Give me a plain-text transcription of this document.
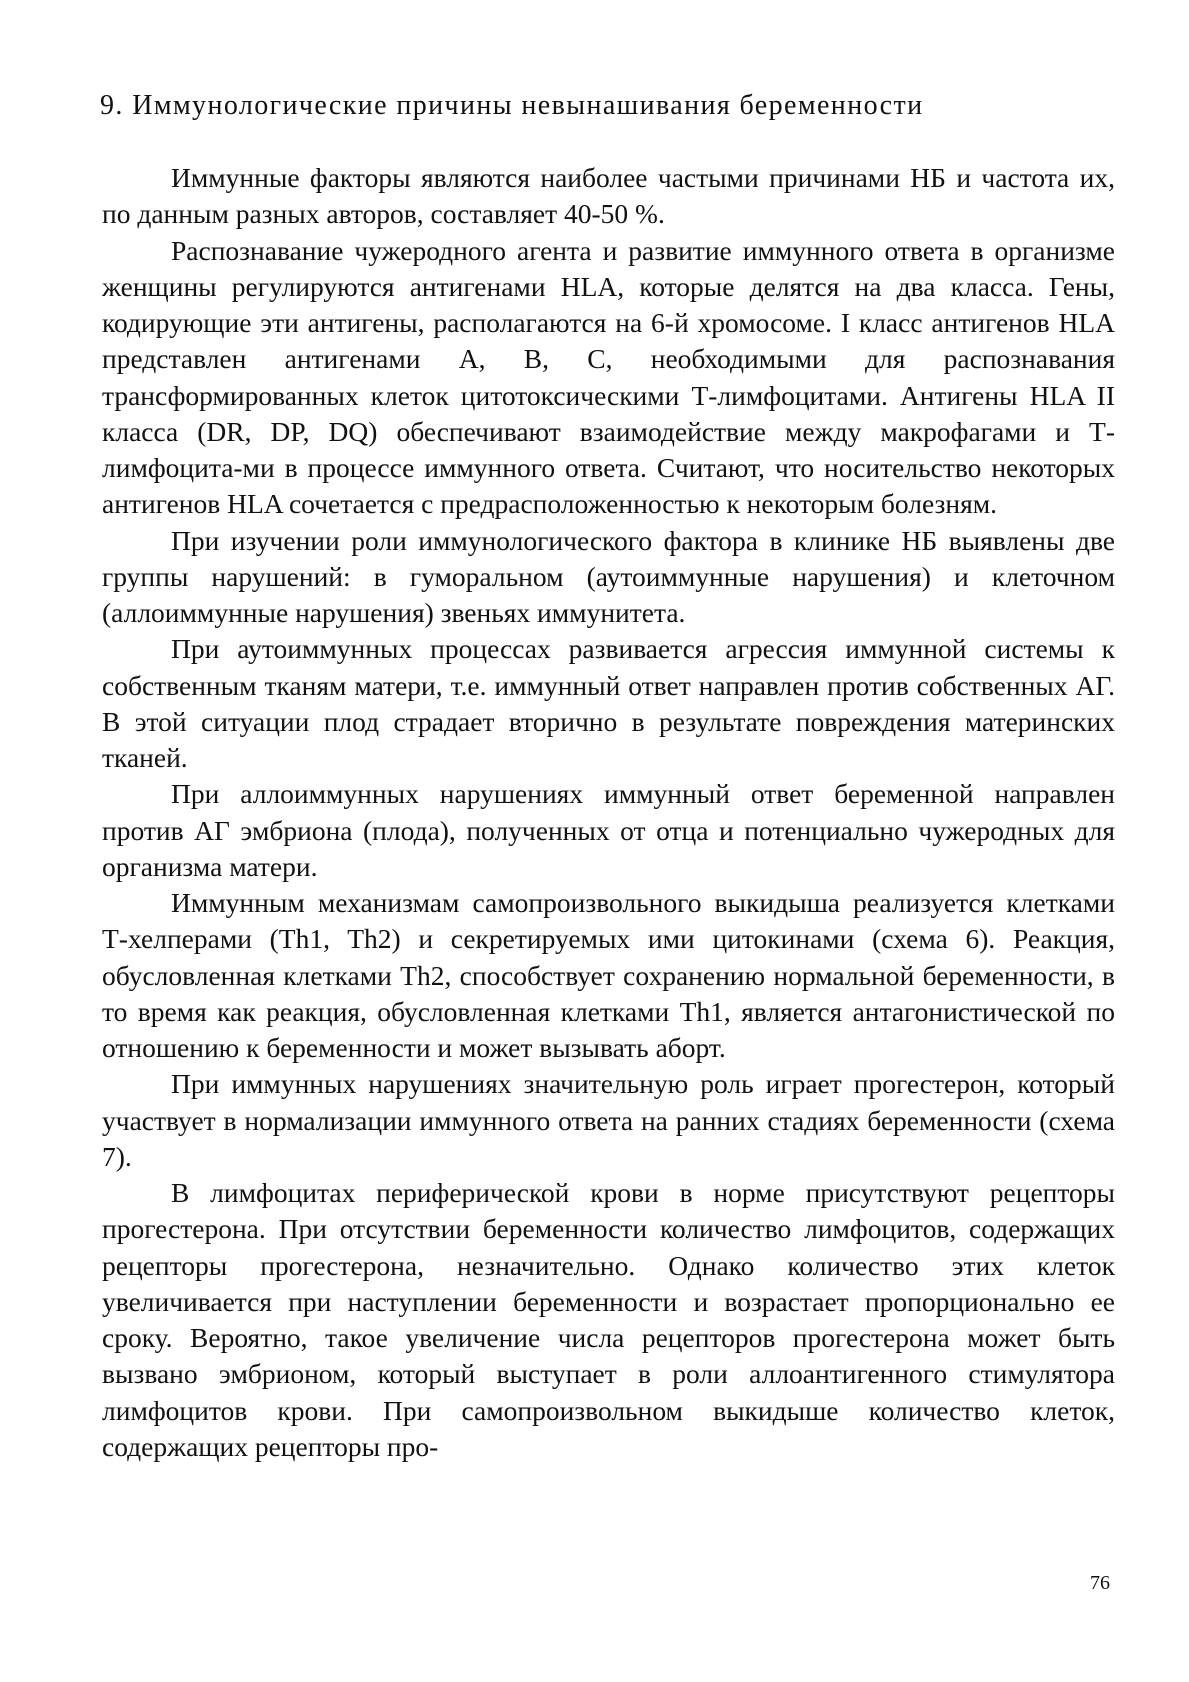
9. Иммунологические причины невынашивания беременности

Иммунные факторы являются наиболее частыми причинами НБ и частота их, по данным разных авторов, составляет 40-50 %.

Распознавание чужеродного агента и развитие иммунного ответа в организме женщины регулируются антигенами HLA, которые делятся на два класса. Гены, кодирующие эти антигены, располагаются на 6-й хромосоме. I класс антигенов HLA представлен антигенами A, B, C, необходимыми для распознавания трансформированных клеток цитотоксическими Т-лимфоцитами. Антигены HLA II класса (DR, DP, DQ) обеспечивают взаимодействие между макрофагами и Т-лимфоцита-ми в процессе иммунного ответа. Считают, что носительство некоторых антигенов HLA сочетается с предрасположенностью к некоторым болезням.

При изучении роли иммунологического фактора в клинике НБ выявлены две группы нарушений: в гуморальном (аутоиммунные нарушения) и клеточном (аллоиммунные нарушения) звеньях иммунитета.

При аутоиммунных процессах развивается агрессия иммунной системы к собственным тканям матери, т.е. иммунный ответ направлен против собственных АГ. В этой ситуации плод страдает вторично в результате повреждения материнских тканей.

При аллоиммунных нарушениях иммунный ответ беременной направлен против АГ эмбриона (плода), полученных от отца и потенциально чужеродных для организма матери.

Иммунным механизмам самопроизвольного выкидыша реализуется клетками Т-хелперами (Th1, Th2) и секретируемых ими цитокинами (схема 6). Реакция, обусловленная клетками Th2, способствует сохранению нормальной беременности, в то время как реакция, обусловленная клетками Th1, является антагонистической по отношению к беременности и может вызывать аборт.

При иммунных нарушениях значительную роль играет прогестерон, который участвует в нормализации иммунного ответа на ранних стадиях беременности (схема 7).

В лимфоцитах периферической крови в норме присутствуют рецепторы прогестерона. При отсутствии беременности количество лимфоцитов, содержащих рецепторы прогестерона, незначительно. Однако количество этих клеток увеличивается при наступлении беременности и возрастает пропорционально ее сроку. Вероятно, такое увеличение числа рецепторов прогестерона может быть вызвано эмбрионом, который выступает в роли аллоантигенного стимулятора лимфоцитов крови. При самопроизвольном выкидыше количество клеток, содержащих рецепторы про-

76
